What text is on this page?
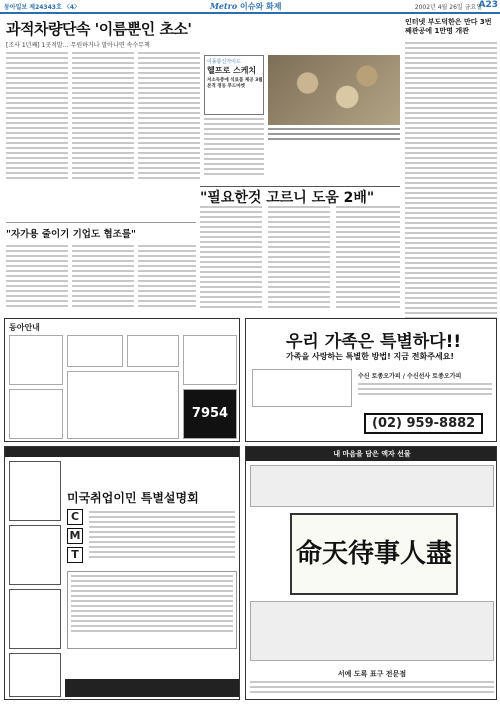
동아일보 제24343호 〈4〉	Metro 이슈와 화제	2002년 4월 26일 금요일
A23
과적차량단속 '이름뿐인 초소'
[조사 1년째] 1곳적발… 무원하거나 말아나면 속수무책
이동통신가이드
헬프로 스케치
저소득층에 식료품 제공 3월 본격 정동 푸드마켓
인터넷 부도덕한은 만다 3번째관공에 1만명 개관
"필요한것 고르니 도움 2배"
"자가용 줄이기 기업도 협조를"
동아안내
7954
우리 가족은 특별하다!!
가족을 사랑하는 특별한 방법! 지금 전화주세요!
수신 토종오가피 / 수신선사 토종오가피
(02) 959-8882
미국취업이민 특별설명회
C
M
T
내 마음을 담은 액자 선물
命天待事人盡
서예 도록 표구 전문점
